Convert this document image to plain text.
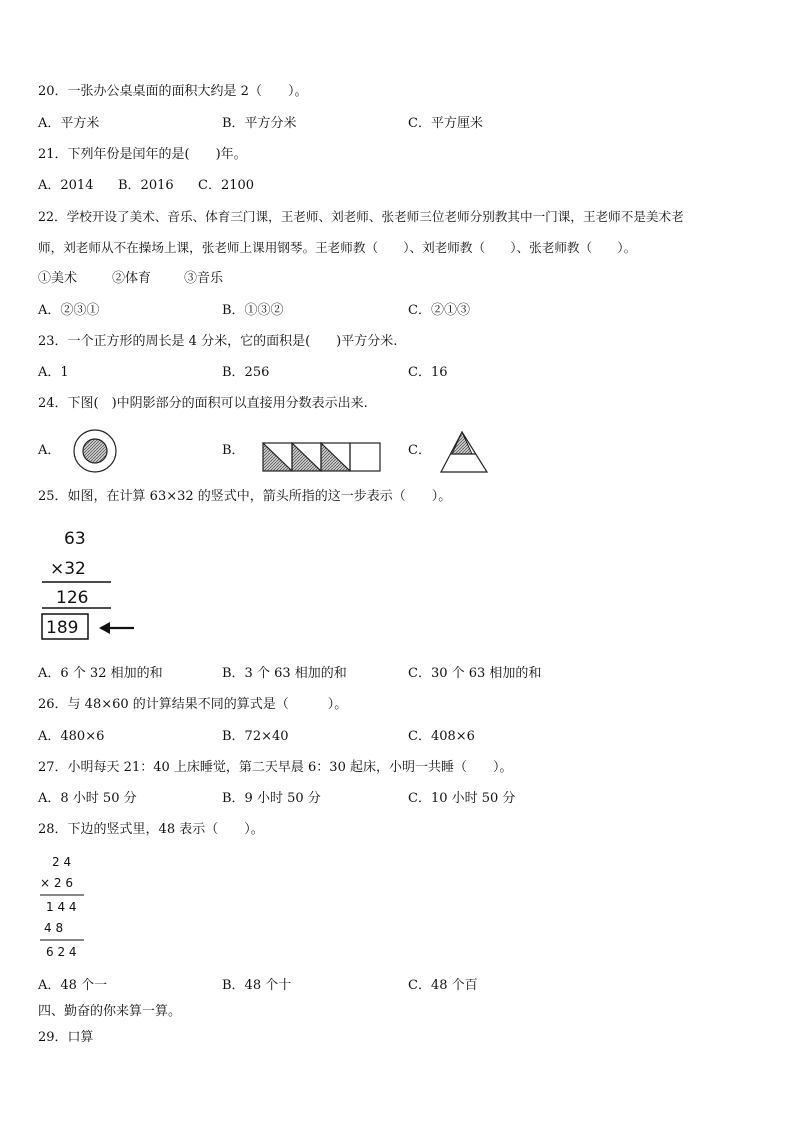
20．一张办公桌桌面的面积大约是 2（　　）。
A．平方米	B．平方分米	C．平方厘米
21．下列年份是闰年的是(　　)年。
A．2014 B．2016 C．2100
22．学校开设了美术、音乐、体育三门课，王老师、刘老师、张老师三位老师分别教其中一门课，王老师不是美术老
师，刘老师从不在操场上课，张老师上课用钢琴。王老师教（　　）、刘老师教（　　）、张老师教（　　）。
①美术	②体育	③音乐
A．②③①	B．①③②	C．②①③
23．一个正方形的周长是 4 分米，它的面积是(　　)平方分米.
A．1	B．256	C．16
24．下图(　)中阴影部分的面积可以直接用分数表示出来.
A．	B．	C．
63
×32
126
189
2 4
× 2 6
1 4 4
4 8
6 2 4
25．如图，在计算 63×32 的竖式中，箭头所指的这一步表示（　　）。
A．6 个 32 相加的和	B．3 个 63 相加的和	C．30 个 63 相加的和
26．与 48×60 的计算结果不同的算式是（　　　）。
A．480×6	B．72×40	C．408×6
27．小明每天 21：40 上床睡觉，第二天早晨 6：30 起床，小明一共睡（　　）。
A．8 小时 50 分	B．9 小时 50 分	C．10 小时 50 分
28．下边的竖式里，48 表示（　　）。
A．48 个一	B．48 个十	C．48 个百
四、勤奋的你来算一算。
29．口算
